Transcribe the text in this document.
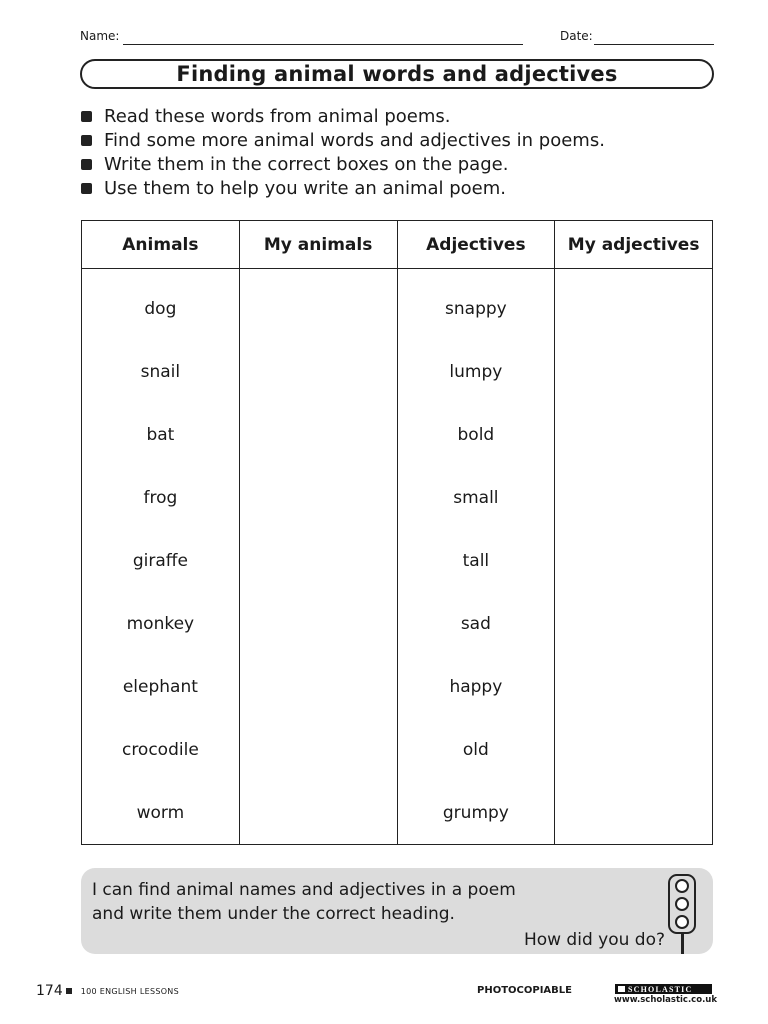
Name:	Date:
Finding animal words and adjectives
Read these words from animal poems.
Find some more animal words and adjectives in poems.
Write them in the correct boxes on the page.
Use them to help you write an animal poem.
Animals	My animals	Adjectives	My adjectives
dog		snappy	
snail		lumpy	
bat		bold	
frog		small	
giraffe		tall	
monkey		sad	
elephant		happy	
crocodile		old	
worm		grumpy	
I can find animal names and adjectives in a poem
and write them under the correct heading.
How did you do?
174 100 ENGLISH LESSONS	PHOTOCOPIABLE	SCHOLASTIC
www.scholastic.co.uk
